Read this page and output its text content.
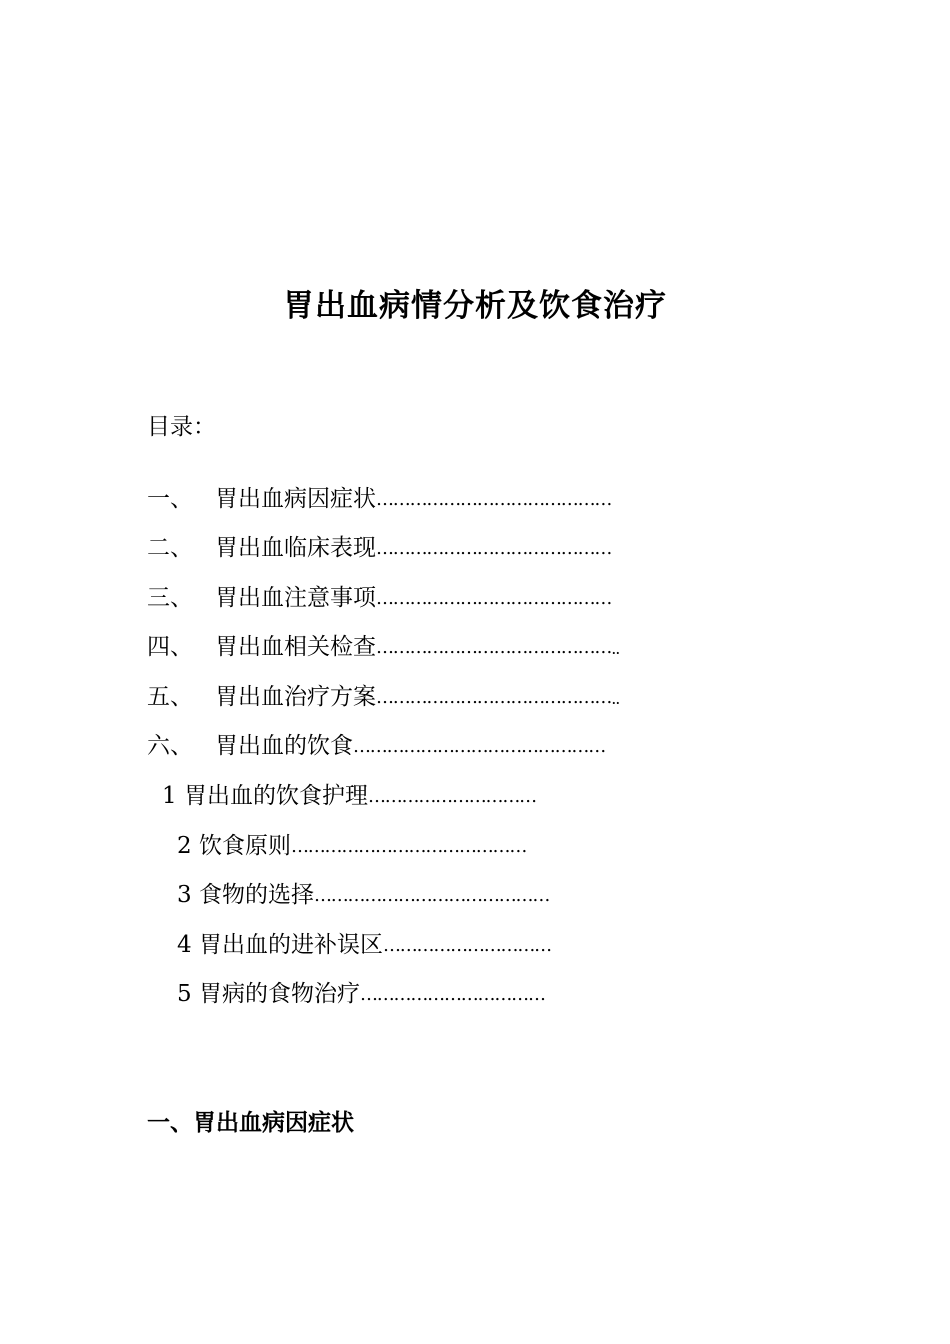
胃出血病情分析及饮食治疗
目录：
一、 胃出血病因症状……………………………………
二、 胃出血临床表现……………………………………
三、 胃出血注意事项……………………………………
四、 胃出血相关检查……………………………………..
五、 胃出血治疗方案……………………………………..
六、 胃出血的饮食………………………………………
1 胃出血的饮食护理…………………………
2 饮食原则……………………………………
3 食物的选择……………………………………
4 胃出血的进补误区…………………………
5 胃病的食物治疗……………………………
一、胃出血病因症状
